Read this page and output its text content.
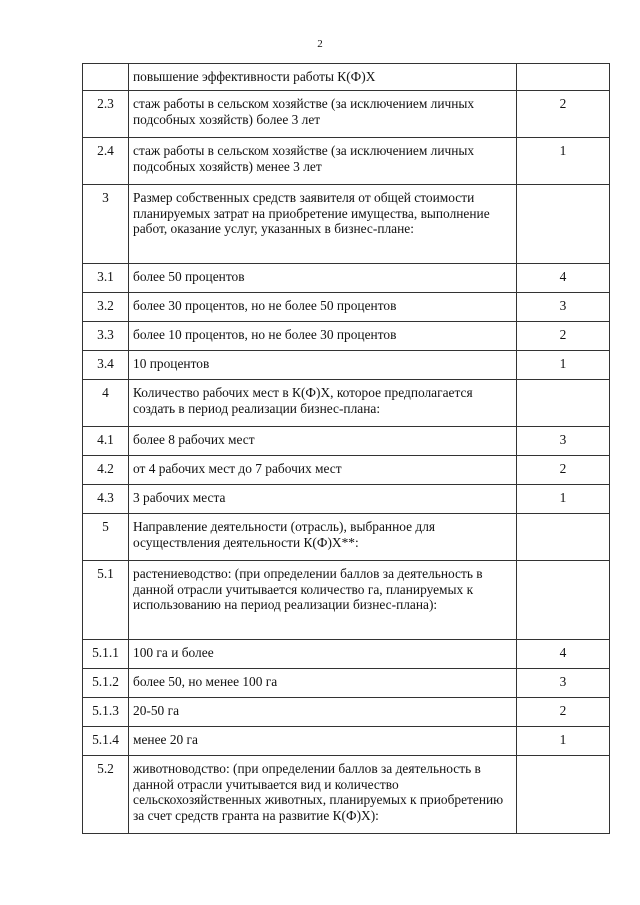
2
	повышение эффективности работы К(Ф)Х	
2.3	стаж работы в сельском хозяйстве (за исключением личных подсобных хозяйств) более 3 лет	2
2.4	стаж работы в сельском хозяйстве (за исключением личных подсобных хозяйств) менее 3 лет	1
3	Размер собственных средств заявителя от общей стоимости планируемых затрат на приобретение имущества, выполнение работ, оказание услуг, указанных в бизнес-плане:	
3.1	более 50 процентов	4
3.2	более 30 процентов, но не более 50 процентов	3
3.3	более 10 процентов, но не более 30 процентов	2
3.4	10 процентов	1
4	Количество рабочих мест в К(Ф)Х, которое предполагается создать в период реализации бизнес-плана:	
4.1	более 8 рабочих мест	3
4.2	от 4 рабочих мест до 7 рабочих мест	2
4.3	3 рабочих места	1
5	Направление деятельности (отрасль), выбранное для осуществления деятельности К(Ф)Х**:	
5.1	растениеводство: (при определении баллов за деятельность в данной отрасли учитывается количество га, планируемых к использованию на период реализации бизнес-плана):	
5.1.1	100 га и более	4
5.1.2	более 50, но менее 100 га	3
5.1.3	20-50 га	2
5.1.4	менее 20 га	1
5.2	животноводство: (при определении баллов за деятельность в данной отрасли учитывается вид и количество сельскохозяйственных животных, планируемых к приобретению за счет средств гранта на развитие К(Ф)Х):	
